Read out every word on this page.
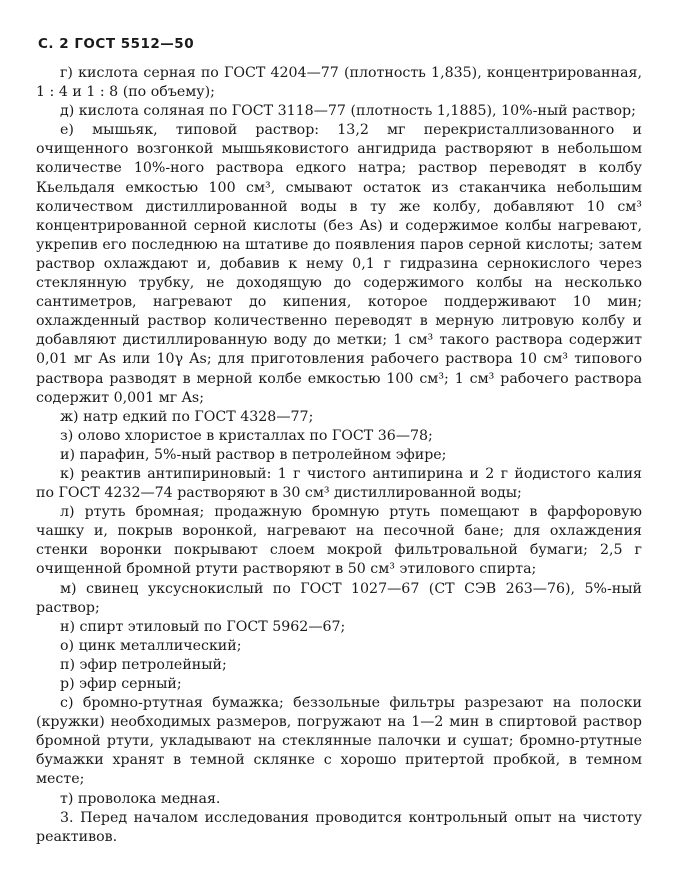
С. 2 ГОСТ 5512—50

г) кислота серная по ГОСТ 4204—77 (плотность 1,835), концентрированная, 1 : 4 и 1 : 8 (по объему);

д) кислота соляная по ГОСТ 3118—77 (плотность 1,1885), 10%-ный раствор;

е) мышьяк, типовой раствор: 13,2 мг перекристаллизованного и очищенного возгонкой мышьяковистого ангидрида растворяют в небольшом количестве 10%-ного раствора едкого натра; раствор переводят в колбу Кьельдаля емкостью 100 см³, смывают остаток из стаканчика небольшим количеством дистиллированной воды в ту же колбу, добавляют 10 см³ концентрированной серной кислоты (без As) и содержимое колбы нагревают, укрепив его последнюю на штативе до появления паров серной кислоты; затем раствор охлаждают и, добавив к нему 0,1 г гидразина сернокислого через стеклянную трубку, не доходящую до содержимого колбы на несколько сантиметров, нагревают до кипения, которое поддерживают 10 мин; охлажденный раствор количественно переводят в мерную литровую колбу и добавляют дистиллированную воду до метки; 1 см³ такого раствора содержит 0,01 мг As или 10γ As; для приготовления рабочего раствора 10 см³ типового раствора разводят в мерной колбе емкостью 100 см³; 1 см³ рабочего раствора содержит 0,001 мг As;

ж) натр едкий по ГОСТ 4328—77;

з) олово хлористое в кристаллах по ГОСТ 36—78;

и) парафин, 5%-ный раствор в петролейном эфире;

к) реактив антипириновый: 1 г чистого антипирина и 2 г йодистого калия по ГОСТ 4232—74 растворяют в 30 см³ дистиллированной воды;

л) ртуть бромная; продажную бромную ртуть помещают в фарфоровую чашку и, покрыв воронкой, нагревают на песочной бане; для охлаждения стенки воронки покрывают слоем мокрой фильтровальной бумаги; 2,5 г очищенной бромной ртути растворяют в 50 см³ этилового спирта;

м) свинец уксуснокислый по ГОСТ 1027—67 (СТ СЭВ 263—76), 5%-ный раствор;

н) спирт этиловый по ГОСТ 5962—67;

о) цинк металлический;

п) эфир петролейный;

р) эфир серный;

с) бромно-ртутная бумажка; беззольные фильтры разрезают на полоски (кружки) необходимых размеров, погружают на 1—2 мин в спиртовой раствор бромной ртути, укладывают на стеклянные палочки и сушат; бромно-ртутные бумажки хранят в темной склянке с хорошо притертой пробкой, в темном месте;

т) проволока медная.

3. Перед началом исследования проводится контрольный опыт на чистоту реактивов.
